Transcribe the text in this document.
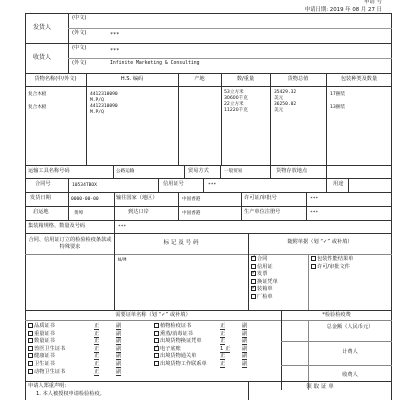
申请 号
申请日期: 2019 年 08 月 27 日
发货人
(中文)
(外文)	***
收货人
(中文)	***
(外文)	Infinite Marketing & Consulting
货物名称(中/外文)	H.S. 编码	产地	数/重量	货物总值	包装种类及数量
复合木板
复合木板
4412310090
M.P/Q
4412310090
M.P/Q
53立方米
30600千克
22立方米
11220千克
35429.32
美元
36250.02
美元
17捆装
13捆装
运输工具名称号码	公路运输	贸易方式	一般贸易	货物存放地点
合同号	10534TBOX	信用证号	***	用途
发货日期	0000-00-00	输往国家（地区）	中国香港	许可证/审批号	***
启运地	黄埠	到达口岸	中国香港	生产单位注册号	***
集装箱规格、数量及号码	***
合同、信用证订立的检验检疫条款或特殊要求
标 记 及 号 码	随附单据（划 “✓” 或补填）
N/M
✓	合同
信用证
✓发票
换证凭单
✓装箱单
厂检单
包装性能结果单
许可/审批文件
需要证单名称（划 “✓” 或补填）	*检验检疫费
总金额（人民币元）
计费人
收费人
品质证书	正	副
重量证书	正	副
数量证书	正	副
兽医卫生证书	正	副
健康证书	正	副
卫生证书	正	副
动物卫生证书	正	副
植物检疫证书	正	副
熏蒸/消毒证书	正	副
出境货物换证凭单	正	副
✓电子底账	1 正 副
出境货物通关单	正	副
出境货物工作联系单	正	副
申请人郑重声明:
1. 本人被授权申请检验检疫。
领 取 证 单
